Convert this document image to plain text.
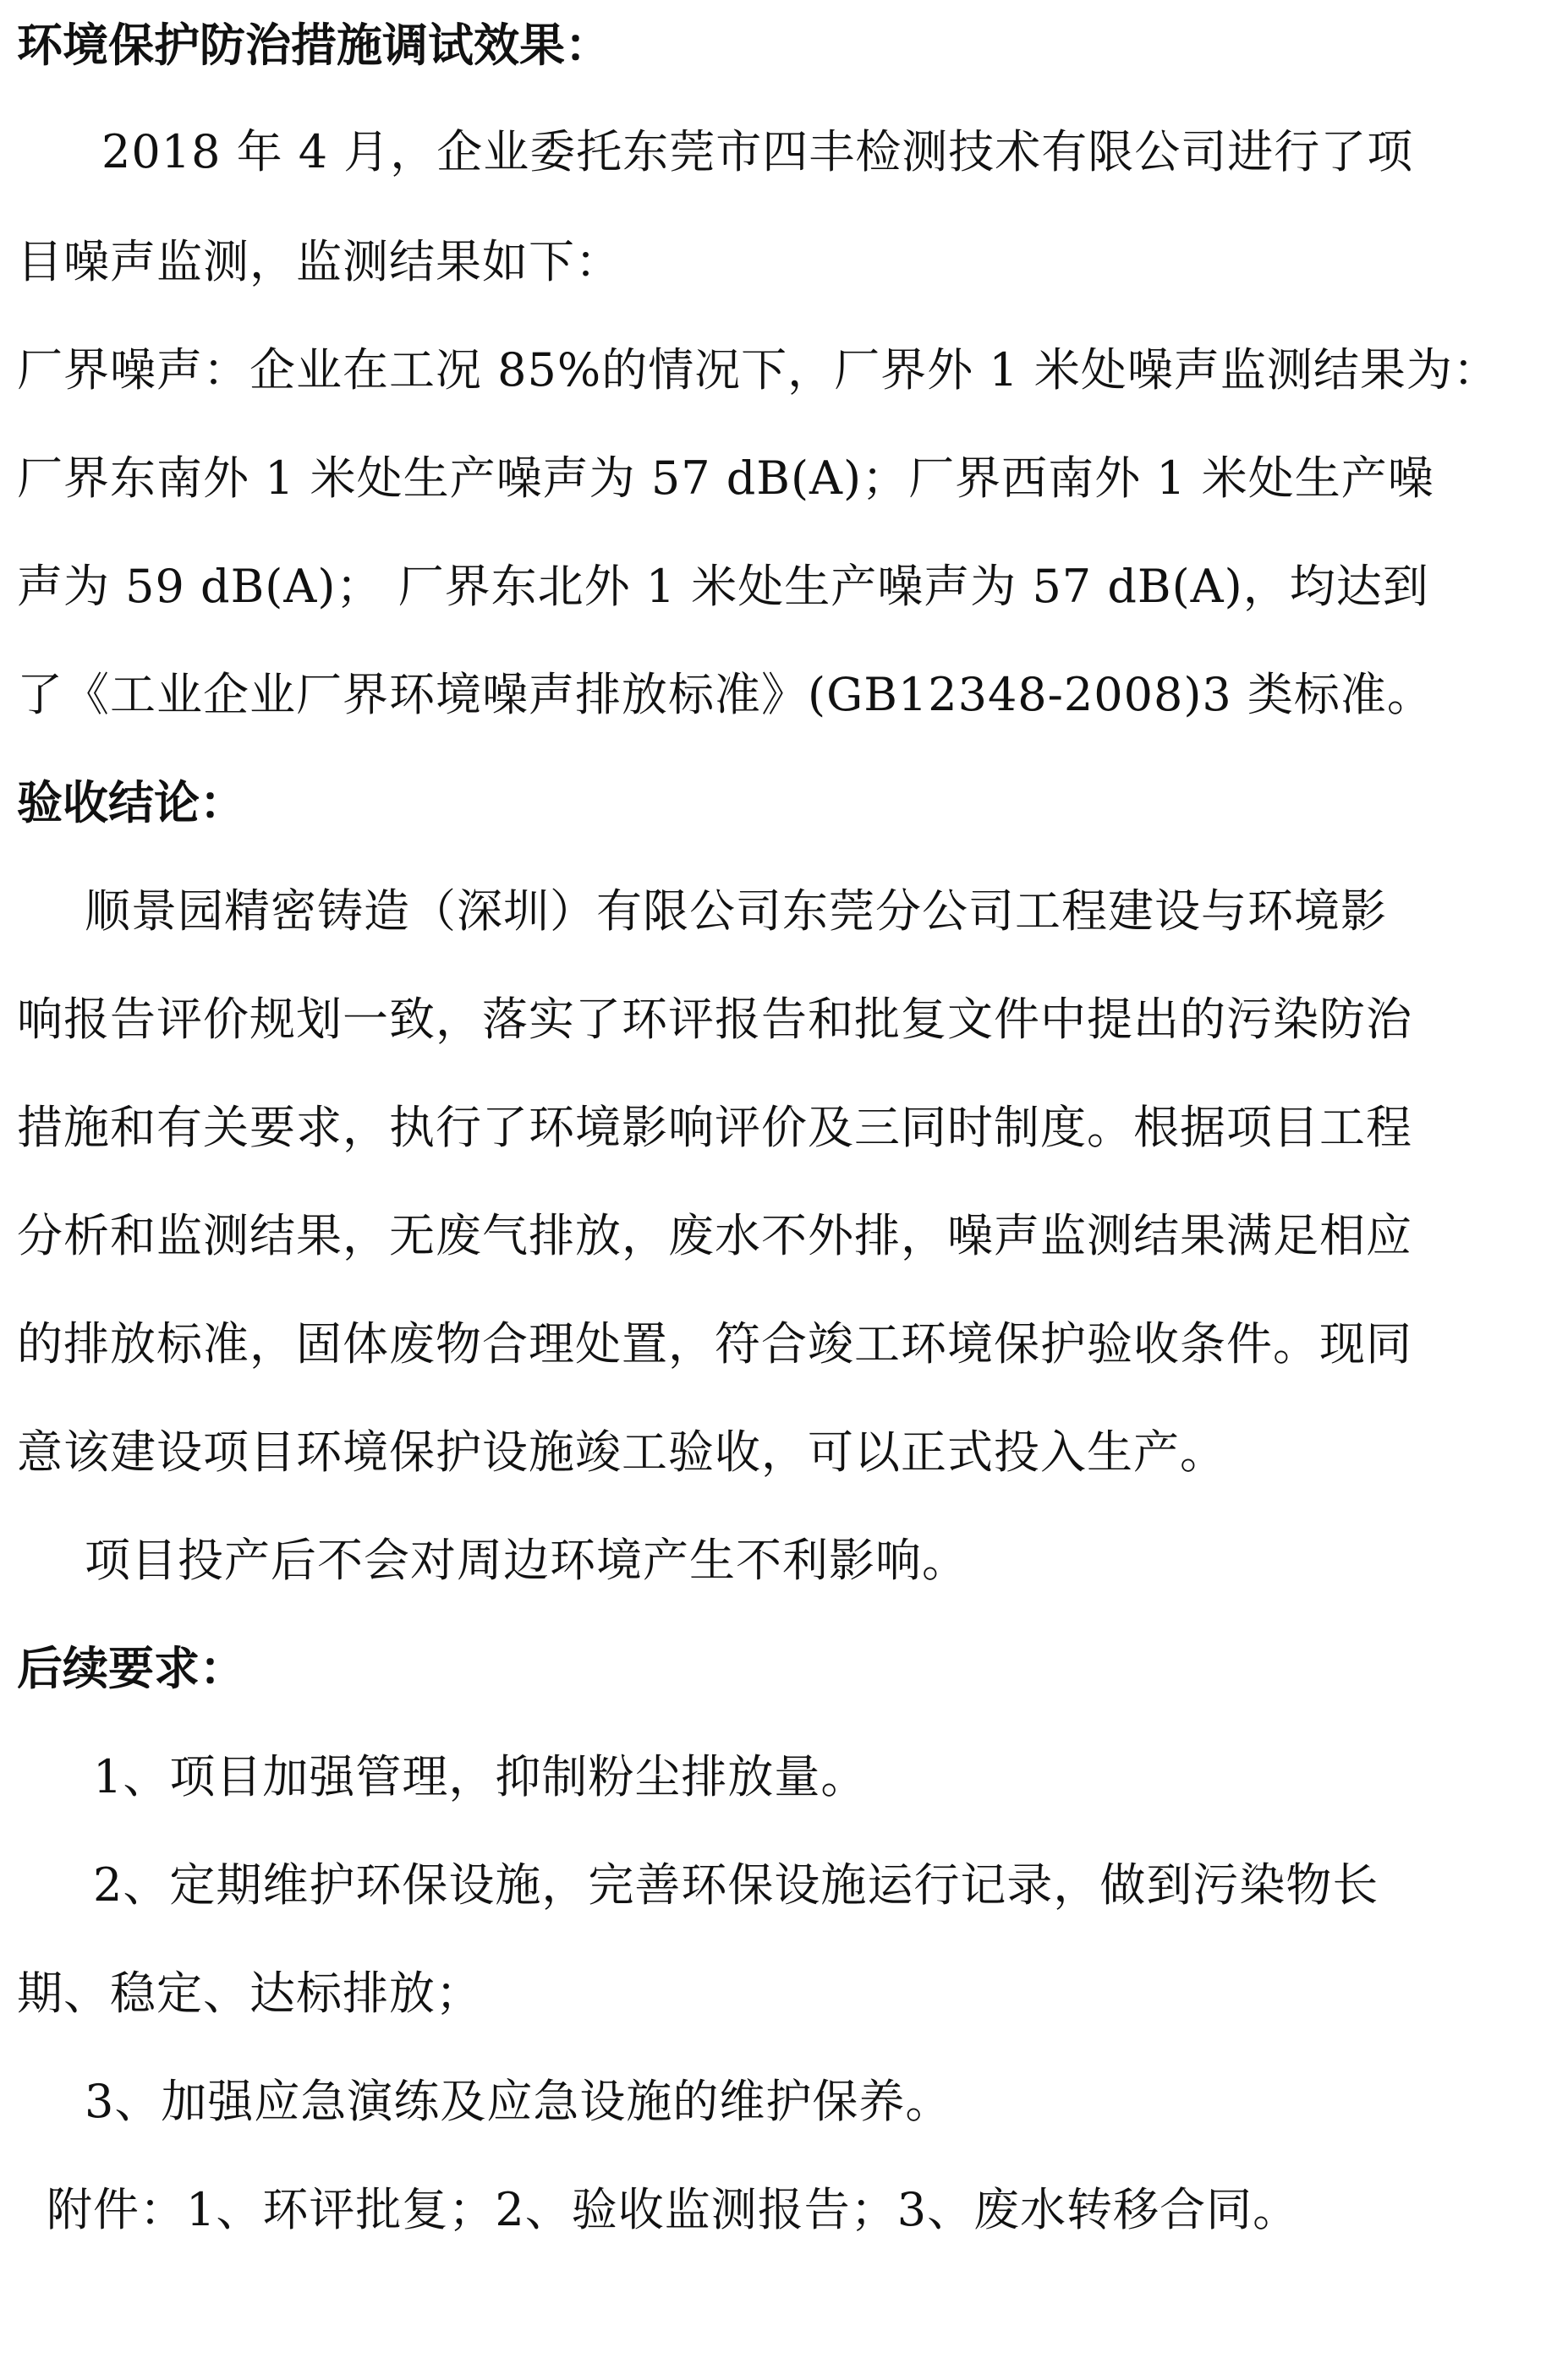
环境保护防治措施调试效果：
2018 年 4 月，企业委托东莞市四丰检测技术有限公司进行了项
目噪声监测，监测结果如下：
厂界噪声：企业在工况 85%的情况下，厂界外 1 米处噪声监测结果为：
厂界东南外 1 米处生产噪声为 57 dB(A)；厂界西南外 1 米处生产噪
声为 59 dB(A)； 厂界东北外 1 米处生产噪声为 57 dB(A)，均达到
了《工业企业厂界环境噪声排放标准》(GB12348-2008)3 类标准。
验收结论：
顺景园精密铸造（深圳）有限公司东莞分公司工程建设与环境影
响报告评价规划一致，落实了环评报告和批复文件中提出的污染防治
措施和有关要求，执行了环境影响评价及三同时制度。根据项目工程
分析和监测结果，无废气排放，废水不外排，噪声监测结果满足相应
的排放标准，固体废物合理处置，符合竣工环境保护验收条件。现同
意该建设项目环境保护设施竣工验收，可以正式投入生产。
项目投产后不会对周边环境产生不利影响。
后续要求：
1、项目加强管理，抑制粉尘排放量。
2、定期维护环保设施，完善环保设施运行记录，做到污染物长
期、稳定、达标排放；
3、加强应急演练及应急设施的维护保养。
附件：1、环评批复；2、验收监测报告；3、废水转移合同。
